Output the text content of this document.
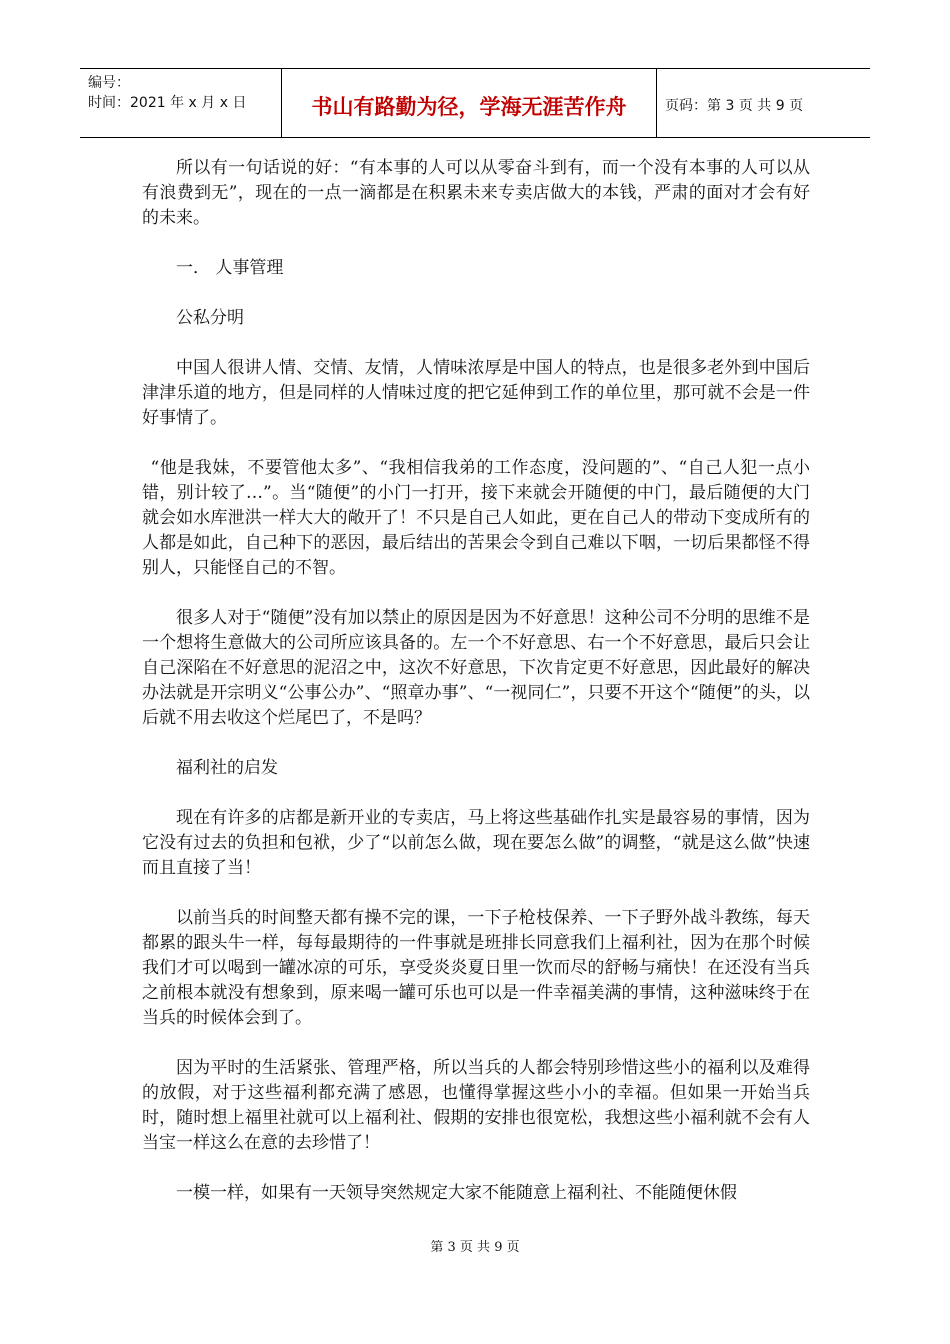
编号：
时间：2021 年 x 月 x 日	书山有路勤为径，学海无涯苦作舟	页码：第 3 页 共 9 页

所以有一句话说的好：“有本事的人可以从零奋斗到有，而一个没有本事的人可以从有浪费到无”，现在的一点一滴都是在积累未来专卖店做大的本钱，严肃的面对才会有好的未来。

一． 人事管理

公私分明

中国人很讲人情、交情、友情，人情味浓厚是中国人的特点，也是很多老外到中国后津津乐道的地方，但是同样的人情味过度的把它延伸到工作的单位里，那可就不会是一件好事情了。

“他是我妹，不要管他太多”、“我相信我弟的工作态度，没问题的”、“自己人犯一点小错，别计较了…”。当“随便”的小门一打开，接下来就会开随便的中门，最后随便的大门就会如水库泄洪一样大大的敞开了！不只是自己人如此，更在自己人的带动下变成所有的人都是如此，自己种下的恶因，最后结出的苦果会令到自己难以下咽，一切后果都怪不得别人，只能怪自己的不智。

很多人对于“随便”没有加以禁止的原因是因为不好意思！这种公司不分明的思维不是一个想将生意做大的公司所应该具备的。左一个不好意思、右一个不好意思，最后只会让自己深陷在不好意思的泥沼之中，这次不好意思，下次肯定更不好意思，因此最好的解决办法就是开宗明义“公事公办”、“照章办事”、“一视同仁”，只要不开这个“随便”的头，以后就不用去收这个烂尾巴了，不是吗？

福利社的启发

现在有许多的店都是新开业的专卖店，马上将这些基础作扎实是最容易的事情，因为它没有过去的负担和包袱，少了“以前怎么做，现在要怎么做”的调整，“就是这么做”快速而且直接了当！

以前当兵的时间整天都有操不完的课，一下子枪枝保养、一下子野外战斗教练，每天都累的跟头牛一样，每每最期待的一件事就是班排长同意我们上福利社，因为在那个时候我们才可以喝到一罐冰凉的可乐，享受炎炎夏日里一饮而尽的舒畅与痛快！在还没有当兵之前根本就没有想象到，原来喝一罐可乐也可以是一件幸福美满的事情，这种滋味终于在当兵的时候体会到了。

因为平时的生活紧张、管理严格，所以当兵的人都会特别珍惜这些小的福利以及难得的放假，对于这些福利都充满了感恩，也懂得掌握这些小小的幸福。但如果一开始当兵时，随时想上福里社就可以上福利社、假期的安排也很宽松，我想这些小福利就不会有人当宝一样这么在意的去珍惜了！

一模一样，如果有一天领导突然规定大家不能随意上福利社、不能随便休假

第 3 页 共 9 页
